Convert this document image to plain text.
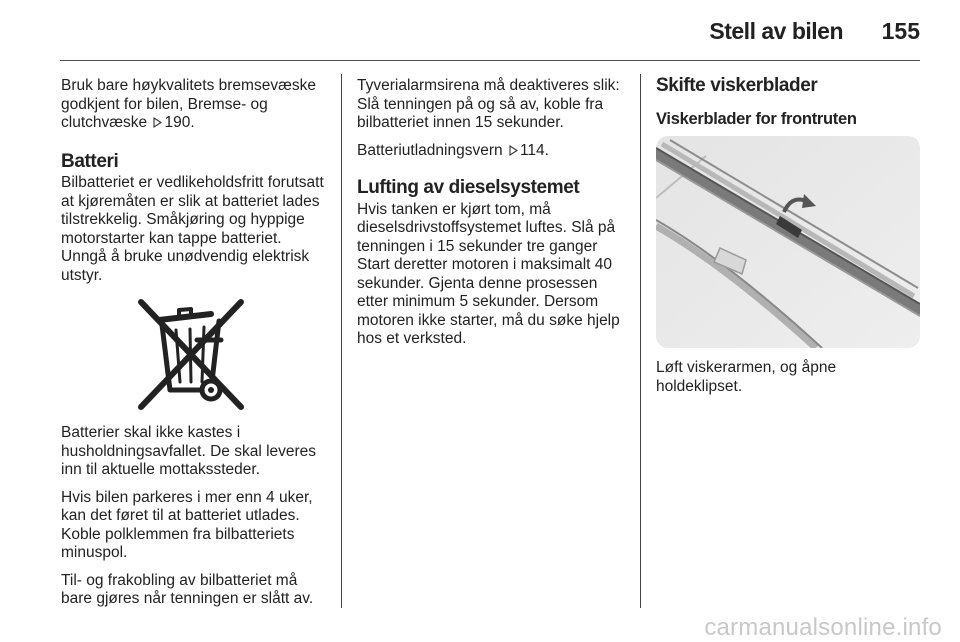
Stell av bilen 155

Bruk bare høykvalitets bremsevæske godkjent for bilen, Bremse- og clutchvæske 190.

Batteri

Bilbatteriet er vedlikeholdsfritt forutsatt at kjøremåten er slik at batteriet lades tilstrekkelig. Småkjøring og hyppige motorstarter kan tappe batteriet. Unngå å bruke unødvendig elektrisk utstyr.

Batterier skal ikke kastes i husholdningsavfallet. De skal leveres inn til aktuelle mottakssteder.

Hvis bilen parkeres i mer enn 4 uker, kan det føret til at batteriet utlades. Koble polklemmen fra bilbatteriets minuspol.

Til- og frakobling av bilbatteriet må bare gjøres når tenningen er slått av.

Tyverialarmsirena må deaktiveres slik: Slå tenningen på og så av, koble fra bilbatteriet innen 15 sekunder.

Batteriutladningsvern 114.

Lufting av dieselsystemet

Hvis tanken er kjørt tom, må dieselsdrivstoffsystemet luftes. Slå på tenningen i 15 sekunder tre ganger Start deretter motoren i maksimalt 40 sekunder. Gjenta denne prosessen etter minimum 5 sekunder. Dersom motoren ikke starter, må du søke hjelp hos et verksted.

Skifte viskerblader
Viskerblader for frontruten

Løft viskerarmen, og åpne holdeklipset.

carmanualsonline.info
